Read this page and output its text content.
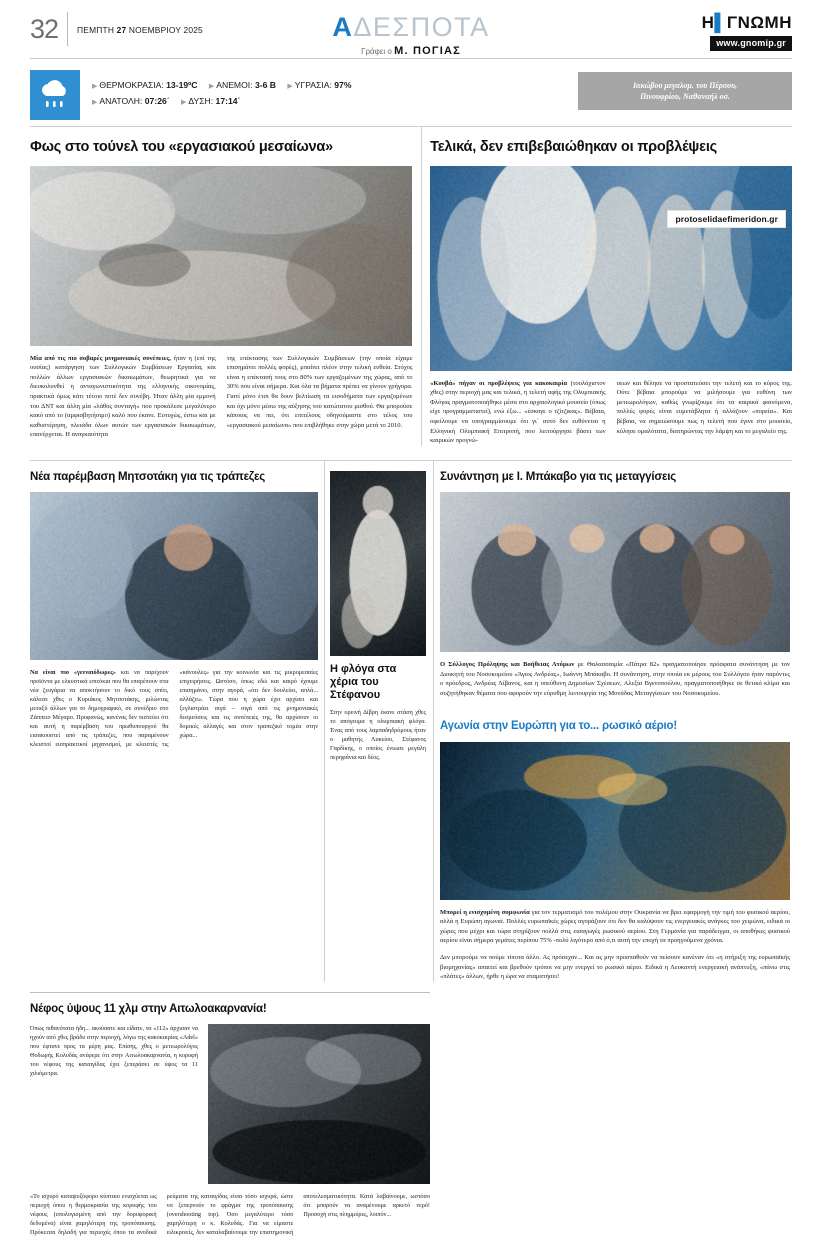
32 ΠΕΜΠΤΗ 27 ΝΟΕΜΒΡΙΟΥ 2025	ΑΔΕΣΠΟΤΑ
Γράφει ο Μ. ΠΟΓΙΑΣ
Η▌ΓΝΩΜΗ
www.gnomip.gr
▶ ΘΕΡΜΟΚΡΑΣΙΑ: 13-19ºC ▶ ΑΝΕΜΟΙ: 3-6 Β ▶ ΥΓΡΑΣΙΑ: 97%
▶ ΑΝΑΤΟΛΗ: 07:26΄ ▶ ΔΥΣΗ: 17:14΄
Ιακώβου μεγαλομ. του Πέρσου,
Πινουφρίου, Ναθαναήλ οσ.
Φως στο τούνελ του «εργασιακού μεσαίωνα»

Μία από τις πιο σοβαρές μνημονιακές συνέπειες, ήταν η (επί της ουσίας) κατάργηση των Συλλογικών Συμβάσεων Εργασίας και πολλών άλλων εργασιακών δικαιωμάτων, θεωρητικά για να διευκολυνθεί η ανταγωνιστικότητα της ελληνικής οικονομίας, πρακτικά όμως κάτι τέτοιο ποτέ δεν συνέβη. Ήταν άλλη μία εμμονή του ΔΝΤ και άλλη μία «λάθος συνταγή» που προκάλεσε μεγαλύτερο κακό από το (αμφισβητήσιμο) καλό που έκανε. Ευτυχώς, έστω και με καθυστέρηση, πλειάδα όλων αυτών των εργασιακών δικαιωμάτων, επανέρχεται. Η αναγκαιότητα

της επέκτασης των Συλλογικών Συμβάσεων (την οποία είχαμε επισημάνει πολλές φορές), μπαίνει πλέον στην τελική ευθεία. Στόχος είναι η επέκτασή τους στο 80% των εργαζομένων της χώρας, από το 30% που είναι σήμερα. Και όλα τα βήματα πρέπει να γίνουν γρήγορα. Γιατί μόνο έτσι θα δουν βελτίωση τα εισοδήματα των εργαζομένων και όχι μόνο μέσω της αύξησης του κατώτατου μισθού. Θα μπορούσε κάποιος να πει, ότι επιτέλους οδηγούμαστε στο τέλος του «εργασιακού μεσαίωνα» που επιβλήθηκε στην χώρα μετά το 2010.

Τελικά, δεν επιβεβαιώθηκαν οι προβλέψεις
protoselidaefimeridon.gr

«Κουβά» πήγαν οι προβλέψεις για κακοκαιρία (τουλάχιστον χθες) στην περιοχή μας και τελικά, η τελετή αφής της Ολυμπιακής Φλόγας πραγματοποιήθηκε μέσα στο αρχαιολογικό μουσείο (όπως είχε προγραμματιστεί), ενώ έξω... «έσκαγε ο τζίτζικας». Βέβαια, οφείλουμε να υπογραμμίσουμε ότι γι΄ αυτό δεν ευθύνεται η Ελληνική Ολυμπιακή Επιτροπή, που λειτούργησε βάσει των καιρικών προγνώ-

σεων και θέλησε να προστατεύσει την τελετή και το κύρος της. Ούτε βέβαια μπορούμε να μιλήσουμε για ευθύνη των μετεωρολόγων, καθώς γνωρίζουμε ότι τα καιρικά φαινόμενα, πολλές φορές είναι ευμετάβλητα ή αλλάζουν «πορεία». Και βέβαια, να σημειώσουμε πως η τελετή που έγινε στο μουσείο, κύλησε ομαλότατα, διατηρώντας την λάμψη και το μεγαλείο της.

Νέα παρέμβαση Μητσοτάκη για τις τράπεζες

Να είναι πιο «γενναιόδωρες» και να παρέχουν προϊόντα με ελκυστικά επιτόκια που θα επαρέπουν στα νέα ζευγάρια να αποκτήσουν το δικό τους σπίτι, κάλεσε χθες ο Κυριάκος Μητσοτάκης, μιλώντας μεταξύ άλλων για το δημογραφικό, σε συνέδριο στο Ζάππειο Μέγαρο. Προφανώς, κανένας δεν πιστεύει ότι και αυτή η παρέμβαση του πρωθυπουργού θα εισακουστεί από τις τράπεζες, που παραμένουν κλειστοί εισπρακτικοί μηχανισμοί, με κλειστές τις «κάνουλες» για την κοινωνία και τις μικρομεσαίες επιχειρήσεις. Ωστόσο, όπως εδώ και καιρό έχουμε επισημάνει, στην αγορά, «ότι δεν δουλεύει, απλά... αλλάζει». Τώρα που η χώρα έχει αρχίσει και ξεγλιστράει σιγά – σιγά από τις μνημονιακές δεσμεύσεις και τις συνέπειές της, θα αρχίσουν οι δομικές αλλαγές και στον τραπεζικό τομέα στην χώρα...

Η φλόγα στα
χέρια του
Στέφανου

Στην ορεινή Δίβρη έκανε στάση χθες το απόγευμα η ολυμπιακή φλόγα. Ένας από τους λαμπαδηδρόμους ήταν ο μαθητής Λυκείου, Στέφανος Γαρδίκης, ο οποίος ένιωσε μεγάλη περηφάνια και δέος.

Συνάντηση με Ι. Μπάκαβο για τις μεταγγίσεις

Ο Σύλλογος Πρόληψης και Βοήθειας Ατόμων με Θαλασσαιμία «Πάτρα 82» πραγματοποίησε πρόσφατα συνάντηση με τον Διοικητή του Νοσοκομείου «Άγιος Ανδρέας», Ιωάννη Μπάκαβο. Η συνάντηση, στην οποία εκ μέρους του Συλλόγου ήταν παρόντες ο πρόεδρος, Ανδρέας Λίβανος, και η υπεύθυνη Δημοσίων Σχέσεων, Αλεξία Βγενοπούλου, πραγματοποιήθηκε σε θετικό κλίμα και συζητήθηκαν θέματα που αφορούν την εύρυθμη λειτουργία της Μονάδας Μεταγγίσεων του Νοσοκομείου.

Αγωνία στην Ευρώπη για το... ρωσικό αέριο!

Μπορεί η ενισχυμένη συμφωνία για τον τερματισμό του πολέμου στην Ουκρανία να βρει εφαρμογή την τιμή του φυσικού αερίου, αλλά η Ευρώπη αγωνιά. Πολλές ευρωπαϊκές χώρες αγοράζουν ότι δεν θα καλύψουν τις ενεργειακές ανάγκες του χειμώνα, ειδικά οι χώρες που μέχρι και τώρα στηρίζουν πολλά στις εισαγωγές ρωσικού αερίου. Στη Γερμανία για παράδειγμα, οι αποθήκες φυσικού αερίου είναι σήμερα γεμάτες περίπου 75% -πολύ λιγότερο από ό,τι αυτή την εποχή τα προηγούμενα χρόνια.

Δεν μπορούμε να πούμε τίποτα άλλο. Ας πρόσεχαν... Και ας μην προσπαθούν να πείσουν κανέναν ότι «η στήριξη της ευρωπαϊκής βιομηχανίας» απαιτεί και βρεθούν τρόποι να μην ενεργεί το ρωσικό αέριο. Ειδικά η Λευκαντή ενεργειακή ανάπτυξη, «πάνω στις «πλάτες» άλλων, ήρθε η ώρα να σταματήσει!

Νέφος ύψους 11 χλμ στην Αιτωλοακαρνανία!

Όπως πιθανότατα ήδη... ακούσατε και είδατε, τα «112» άρχισαν να ηχούν από χθες βράδυ στην περιοχή, λόγω της κακοκαιρίας «Adel» που έφτανε προς τα μέρη μας. Επίσης, χθες ο μετεωρολόγος Θοδωρής Κολυδάς ανέφερε ότι στην Αιτωλοακαρνανία, η κορυφή του νέφους της καταιγίδας έχει ξεπεράσει σε ύψος τα 11 χιλιόμετρα.

«Το ισχυρό καταψυξόφορο κύπταιο ενισχύεται ως περιοχή όπου η θερμοκρασία της κορυφής του νέφους (υπολογισμένη από την δορυφορική δεδομένα) είναι χαμηλότερη της τροπόπαυσης. Πρόκειται δηλαδή για περιοχές όπου τα ανοδικά ρεύματα της καταιγίδας είναι τόσο ισχυρά, ώστε να ξεπερνούν το φράγμα της τροπόπαυσης (overshooting top). Όσο μεγαλύτερο τόσο χαμηλότερη ο κ. Κολυδάς. Για να είμαστε ειλικρινείς, δεν καταλαβαίνουμε την επιστημονική αποτελεσματικότητα. Κατά λαβαίνουμε, ωστόσο ότι μπορούν να αναμένουμε αρκετό νερό! Προσοχή στις πλημμύρες, λοιπόν...
